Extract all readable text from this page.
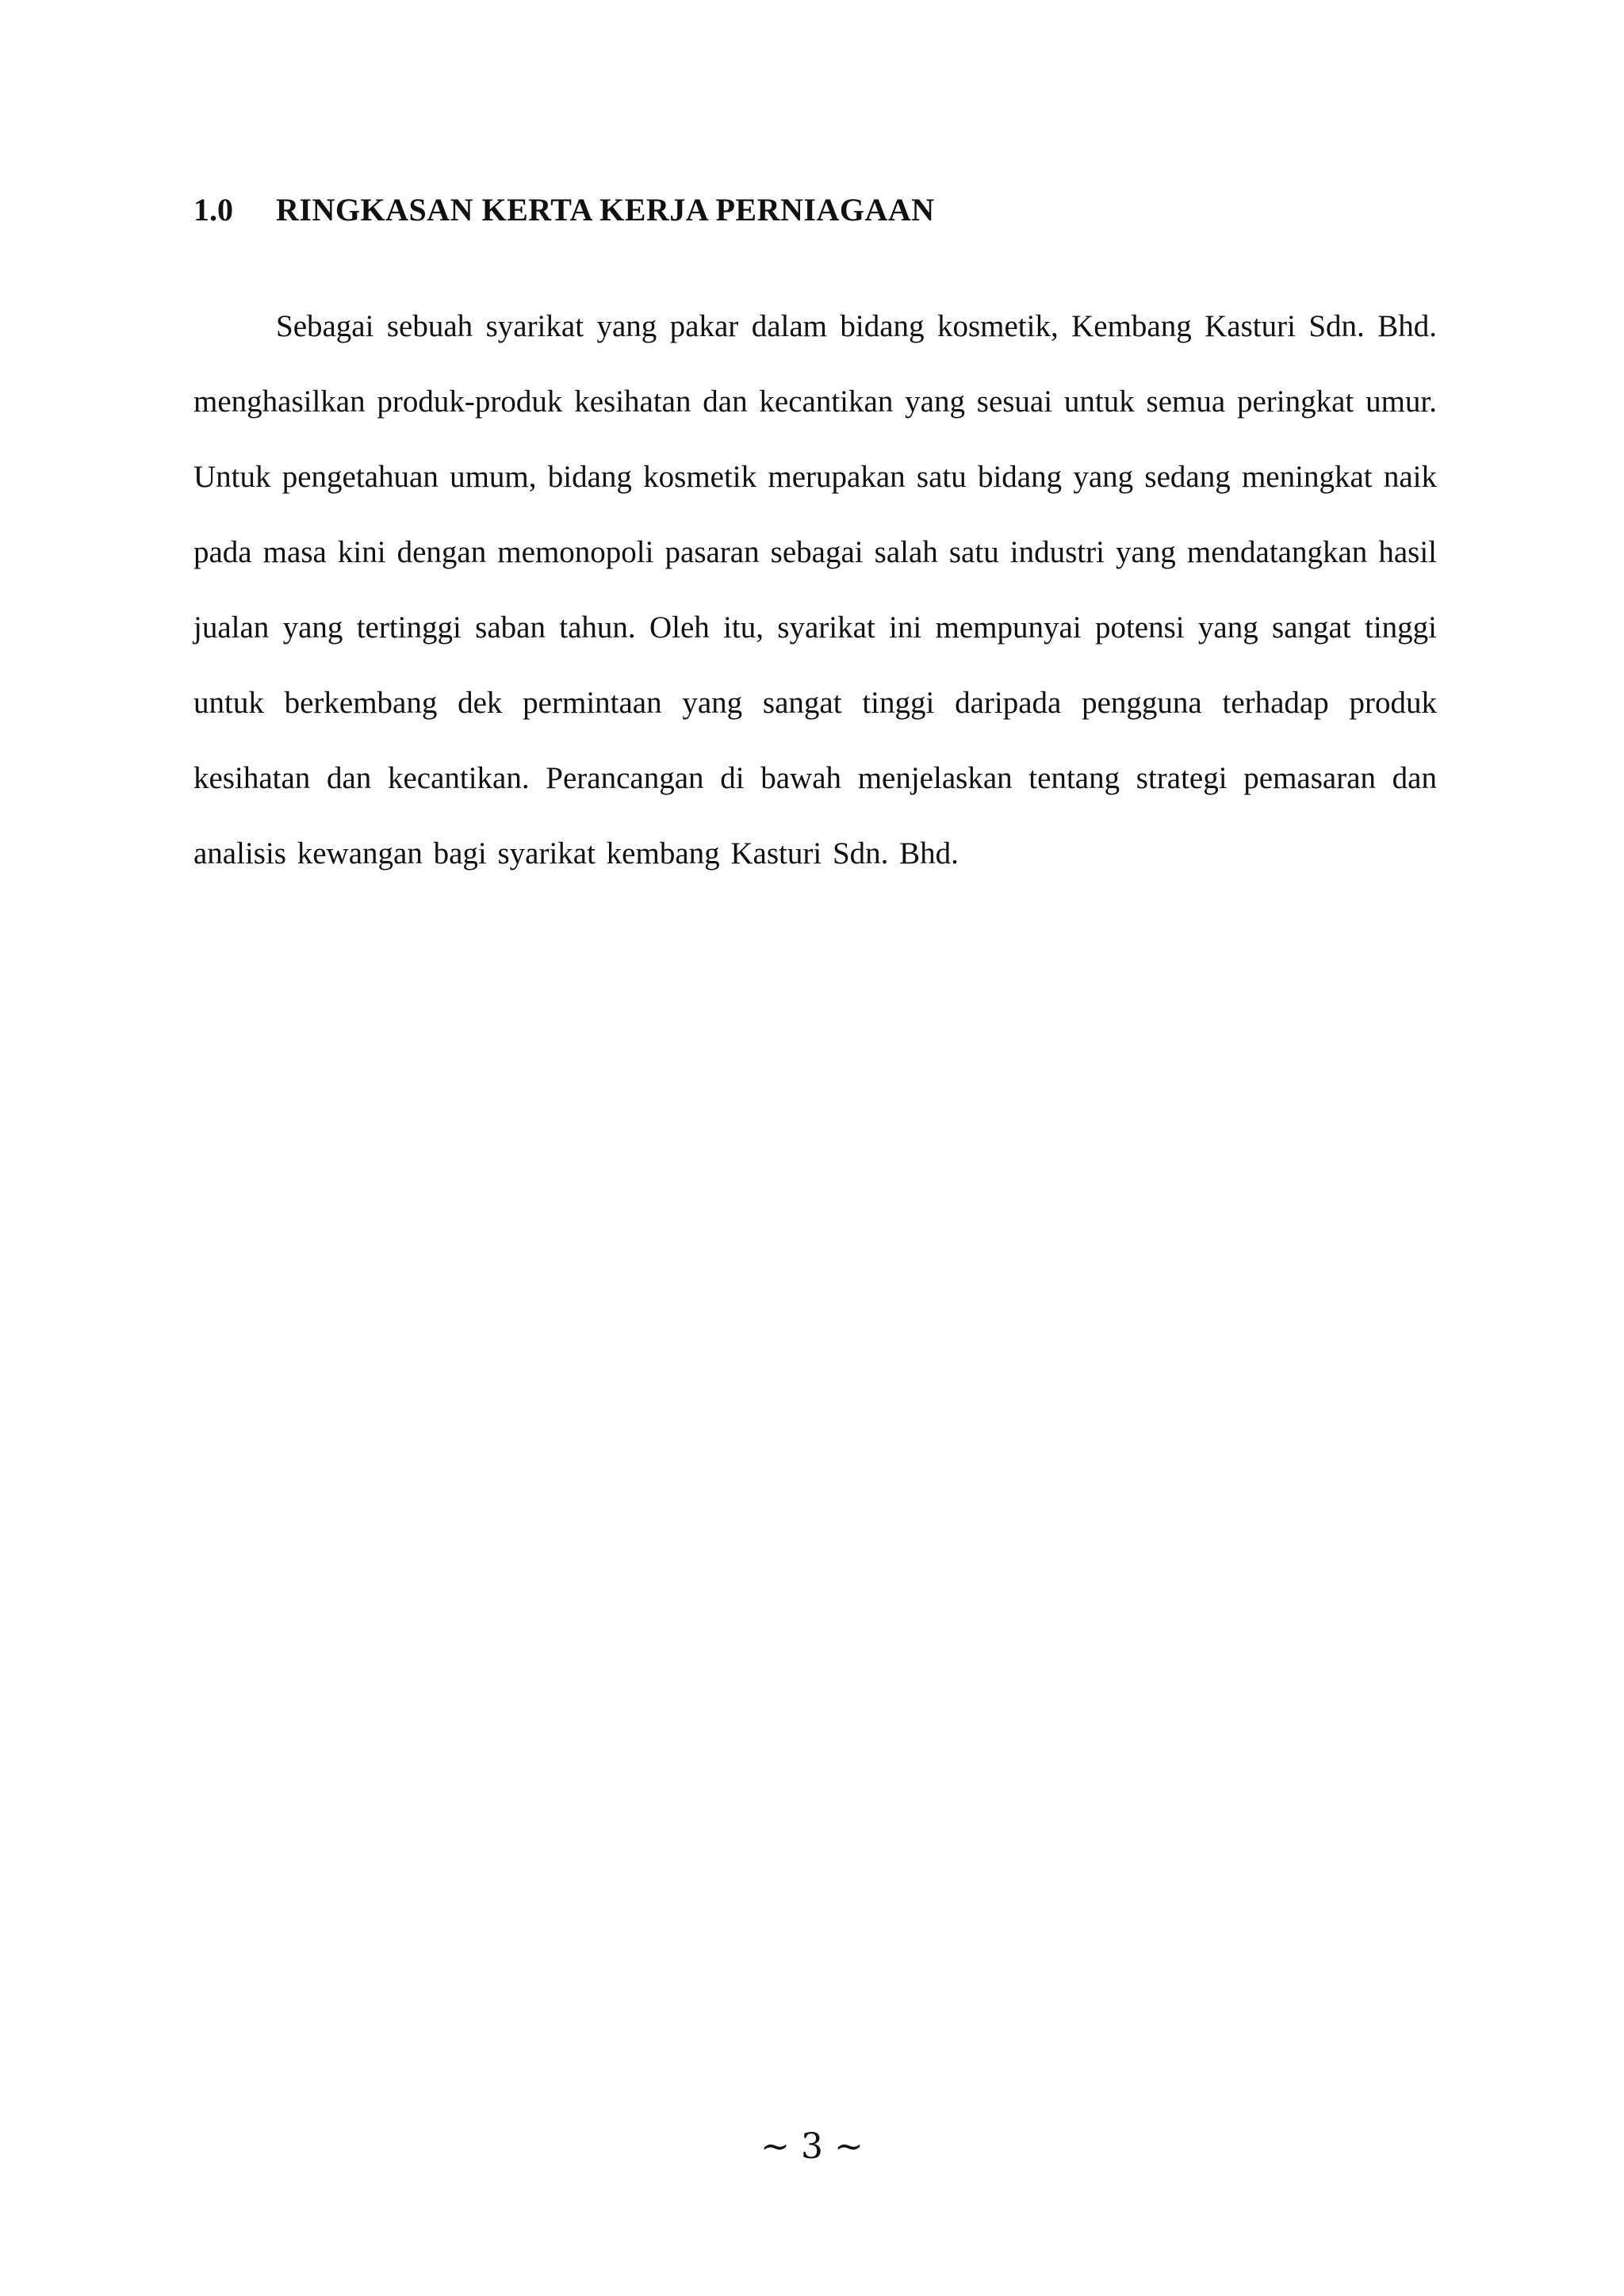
1.0 RINGKASAN KERTA KERJA PERNIAGAAN

Sebagai sebuah syarikat yang pakar dalam bidang kosmetik, Kembang Kasturi Sdn. Bhd. menghasilkan produk-produk kesihatan dan kecantikan yang sesuai untuk semua peringkat umur. Untuk pengetahuan umum, bidang kosmetik merupakan satu bidang yang sedang meningkat naik pada masa kini dengan memonopoli pasaran sebagai salah satu industri yang mendatangkan hasil jualan yang tertinggi saban tahun. Oleh itu, syarikat ini mempunyai potensi yang sangat tinggi untuk berkembang dek permintaan yang sangat tinggi daripada pengguna terhadap produk kesihatan dan kecantikan. Perancangan di bawah menjelaskan tentang strategi pemasaran dan analisis kewangan bagi syarikat kembang Kasturi Sdn. Bhd.

~ 3 ~
